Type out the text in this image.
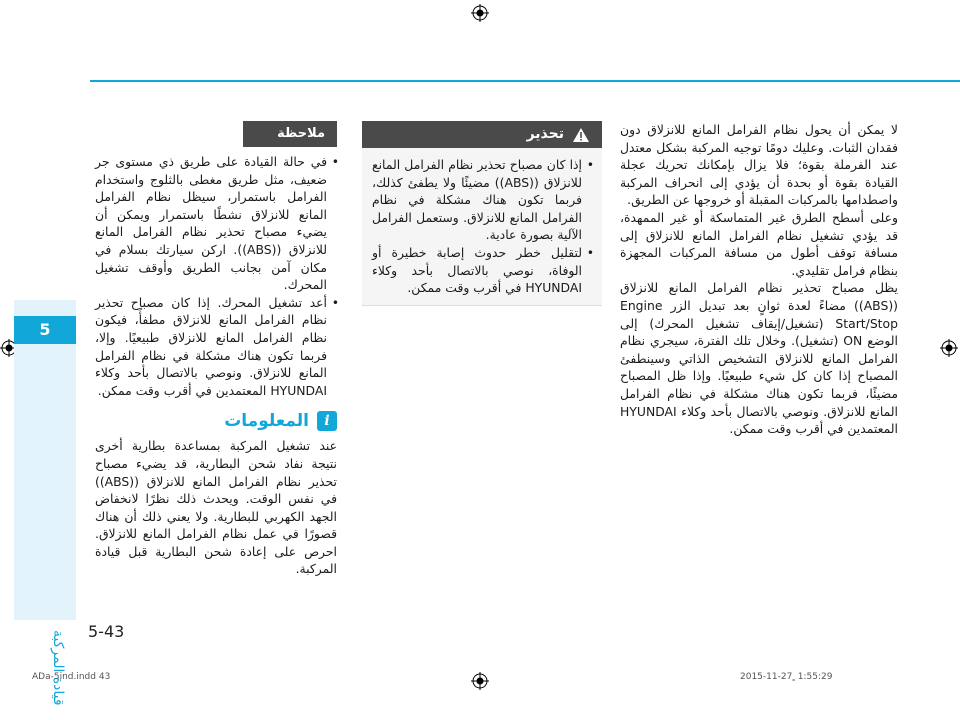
5
قيادة المركبة

لا يمكن أن يحول نظام الفرامل المانع للانزلاق دون فقدان الثبات. وعليك دومًا توجيه المركبة بشكل معتدل عند الفرملة بقوة؛ فلا يزال بإمكانك تحريك عجلة القيادة بقوة أو بحدة أن يؤدي إلى انحراف المركبة واصطدامها بالمركبات المقبلة أو خروجها عن الطريق.

وعلى أسطح الطرق غير المتماسكة أو غير الممهدة، قد يؤدي تشغيل نظام الفرامل المانع للانزلاق إلى مسافة توقف أطول من مسافة المركبات المجهزة بنظام فرامل تقليدي.

يظل مصباح تحذير نظام الفرامل المانع للانزلاق ((ABS)) مضاءً لعدة ثوانٍ بعد تبديل الزر Engine Start/Stop (تشغيل/إيقاف تشغيل المحرك) إلى الوضع ON (تشغيل). وخلال تلك الفترة، سيجري نظام الفرامل المانع للانزلاق التشخيص الذاتي وسينطفئ المصباح إذا كان كل شيء طبيعيًا. وإذا ظل المصباح مضيئًا، فربما تكون هناك مشكلة في نظام الفرامل المانع للانزلاق. ونوصي بالاتصال بأحد وكلاء HYUNDAI المعتمدين في أقرب وقت ممكن.

تحذير

• إذا كان مصباح تحذير نظام الفرامل المانع للانزلاق ((ABS)) مضيئًا ولا يطفئ كذلك، فربما تكون هناك مشكلة في نظام الفرامل المانع للانزلاق. وستعمل الفرامل الآلية بصورة عادية.

• لتقليل خطر حدوث إصابة خطيرة أو الوفاة، نوصي بالاتصال بأحد وكلاء HYUNDAI في أقرب وقت ممكن.

ملاحظة

• في حالة القيادة على طريق ذي مستوى جر ضعيف، مثل طريق مغطى بالثلوج واستخدام الفرامل باستمرار، سيظل نظام الفرامل المانع للانزلاق نشطًا باستمرار ويمكن أن يضيء مصباح تحذير نظام الفرامل المانع للانزلاق ((ABS)). اركن سيارتك بسلام في مكان آمن بجانب الطريق وأوقف تشغيل المحرك.

• أعد تشغيل المحرك. إذا كان مصباح تحذير نظام الفرامل المانع للانزلاق مطفأً، فيكون نظام الفرامل المانع للانزلاق طبيعيًا. وإلا، فربما تكون هناك مشكلة في نظام الفرامل المانع للانزلاق. ونوصي بالاتصال بأحد وكلاء HYUNDAI المعتمدين في أقرب وقت ممكن.

i
المعلومات

عند تشغيل المركبة بمساعدة بطارية أخرى نتيجة نفاد شحن البطارية، قد يضيء مصباح تحذير نظام الفرامل المانع للانزلاق ((ABS)) في نفس الوقت. ويحدث ذلك نظرًا لانخفاض الجهد الكهربي للبطارية. ولا يعني ذلك أن هناك قصورًا في عمل نظام الفرامل المانع للانزلاق. احرص على إعادة شحن البطارية قبل قيادة المركبة.

5-43
ADa-5ind.indd 43	2015-11-27 ٍ 1:55:29
